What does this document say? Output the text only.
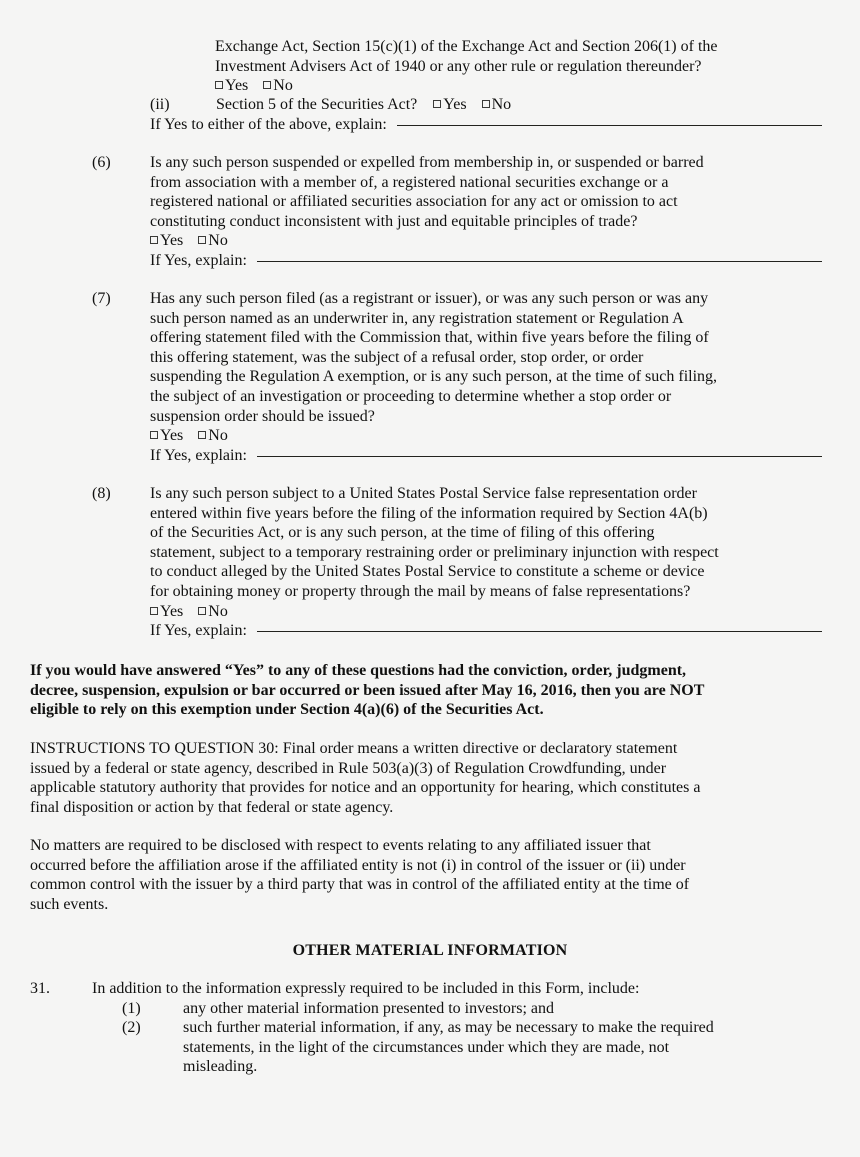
Exchange Act, Section 15(c)(1) of the Exchange Act and Section 206(1) of the
Investment Advisers Act of 1940 or any other rule or regulation thereunder?
Yes No
(ii)	Section 5 of the Securities Act? Yes No
If Yes to either of the above, explain:
(6)	Is any such person suspended or expelled from membership in, or suspended or barred
from association with a member of, a registered national securities exchange or a
registered national or affiliated securities association for any act or omission to act
constituting conduct inconsistent with just and equitable principles of trade?
Yes No
If Yes, explain:
(7)	Has any such person filed (as a registrant or issuer), or was any such person or was any
such person named as an underwriter in, any registration statement or Regulation A
offering statement filed with the Commission that, within five years before the filing of
this offering statement, was the subject of a refusal order, stop order, or order
suspending the Regulation A exemption, or is any such person, at the time of such filing,
the subject of an investigation or proceeding to determine whether a stop order or
suspension order should be issued?
Yes No
If Yes, explain:
(8)	Is any such person subject to a United States Postal Service false representation order
entered within five years before the filing of the information required by Section 4A(b)
of the Securities Act, or is any such person, at the time of filing of this offering
statement, subject to a temporary restraining order or preliminary injunction with respect
to conduct alleged by the United States Postal Service to constitute a scheme or device
for obtaining money or property through the mail by means of false representations?
Yes No
If Yes, explain:
If you would have answered “Yes” to any of these questions had the conviction, order, judgment,
decree, suspension, expulsion or bar occurred or been issued after May 16, 2016, then you are NOT
eligible to rely on this exemption under Section 4(a)(6) of the Securities Act.
INSTRUCTIONS TO QUESTION 30: Final order means a written directive or declaratory statement
issued by a federal or state agency, described in Rule 503(a)(3) of Regulation Crowdfunding, under
applicable statutory authority that provides for notice and an opportunity for hearing, which constitutes a
final disposition or action by that federal or state agency.
No matters are required to be disclosed with respect to events relating to any affiliated issuer that
occurred before the affiliation arose if the affiliated entity is not (i) in control of the issuer or (ii) under
common control with the issuer by a third party that was in control of the affiliated entity at the time of
such events.
OTHER MATERIAL INFORMATION
31.	In addition to the information expressly required to be included in this Form, include:
(1)	any other material information presented to investors; and
(2)	such further material information, if any, as may be necessary to make the required
statements, in the light of the circumstances under which they are made, not
misleading.
